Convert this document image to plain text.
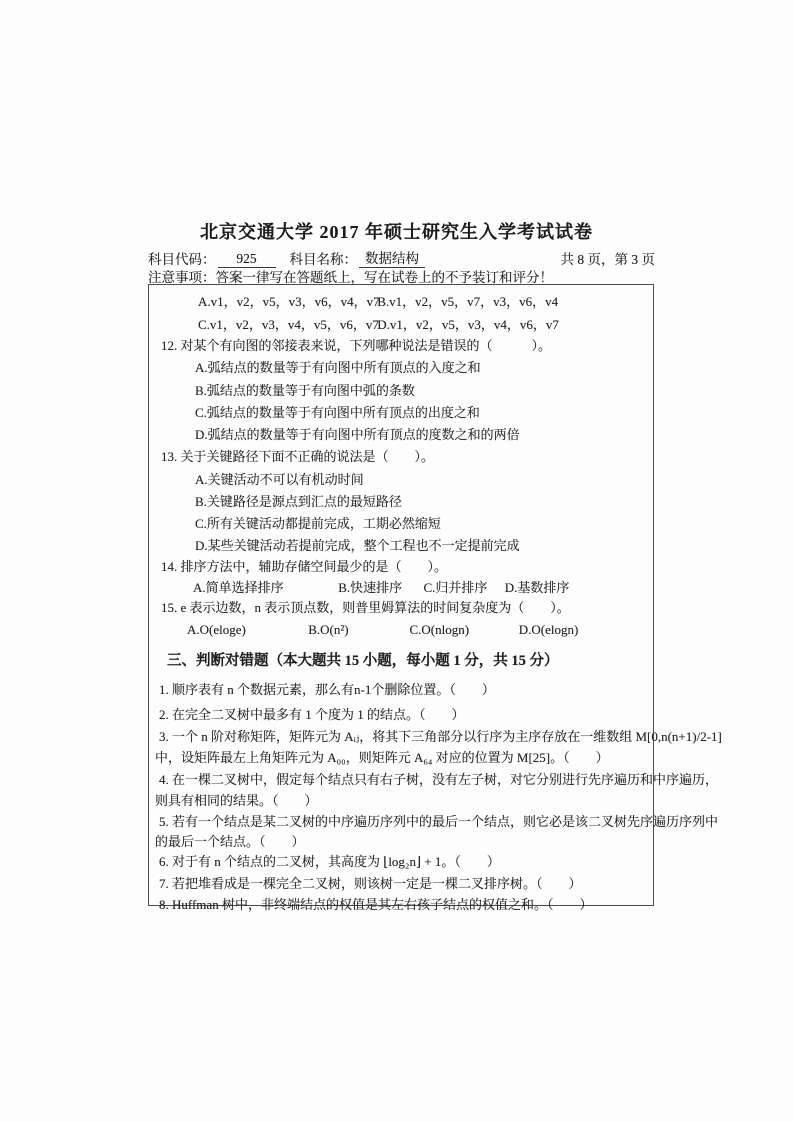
北京交通大学 2017 年硕士研究生入学考试试卷
科目代码：	925	科目名称： 数据结构	共 8 页，第 3 页
注意事项：答案一律写在答题纸上，写在试卷上的不予装订和评分！
A.v1，v2，v5，v3，v6，v4，v7 B.v1，v2，v5，v7，v3，v6，v4
C.v1，v2，v3，v4，v5，v6，v7 D.v1，v2，v5，v3，v4，v6，v7
12. 对某个有向图的邻接表来说，下列哪种说法是错误的（　　　）。
A.弧结点的数量等于有向图中所有顶点的入度之和
B.弧结点的数量等于有向图中弧的条数
C.弧结点的数量等于有向图中所有顶点的出度之和
D.弧结点的数量等于有向图中所有顶点的度数之和的两倍
13. 关于关键路径下面不正确的说法是（　　）。
A.关键活动不可以有机动时间
B.关键路径是源点到汇点的最短路径
C.所有关键活动都提前完成，工期必然缩短
D.某些关键活动若提前完成，整个工程也不一定提前完成
14. 排序方法中，辅助存储空间最少的是（　　）。
A.简单选择排序	B.快速排序 C.归并排序 D.基数排序
15. e 表示边数，n 表示顶点数，则普里姆算法的时间复杂度为（　　）。
A.O(eloge)	B.O(n²)	C.O(nlogn)	D.O(elogn)
三、判断对错题（本大题共 15 小题，每小题 1 分，共 15 分）
1. 顺序表有 n 个数据元素，那么有n-1个删除位置。（　　）
2. 在完全二叉树中最多有 1 个度为 1 的结点。（　　）
3. 一个 n 阶对称矩阵，矩阵元为 Aᵢⱼ，将其下三角部分以行序为主序存放在一维数组 M[0,n(n+1)/2-1]
中，设矩阵最左上角矩阵元为 A₀₀，则矩阵元 A₆₄ 对应的位置为 M[25]。（　　）
4. 在一棵二叉树中，假定每个结点只有右子树，没有左子树，对它分别进行先序遍历和中序遍历，
则具有相同的结果。（　　）
5. 若有一个结点是某二叉树的中序遍历序列中的最后一个结点，则它必是该二叉树先序遍历序列中
的最后一个结点。（　　）
6. 对于有 n 个结点的二叉树，其高度为 ⌊log₂n⌋ + 1。（　　）
7. 若把堆看成是一棵完全二叉树，则该树一定是一棵二叉排序树。（　　）
8. Huffman 树中，非终端结点的权值是其左右孩子结点的权值之和。（　　）
